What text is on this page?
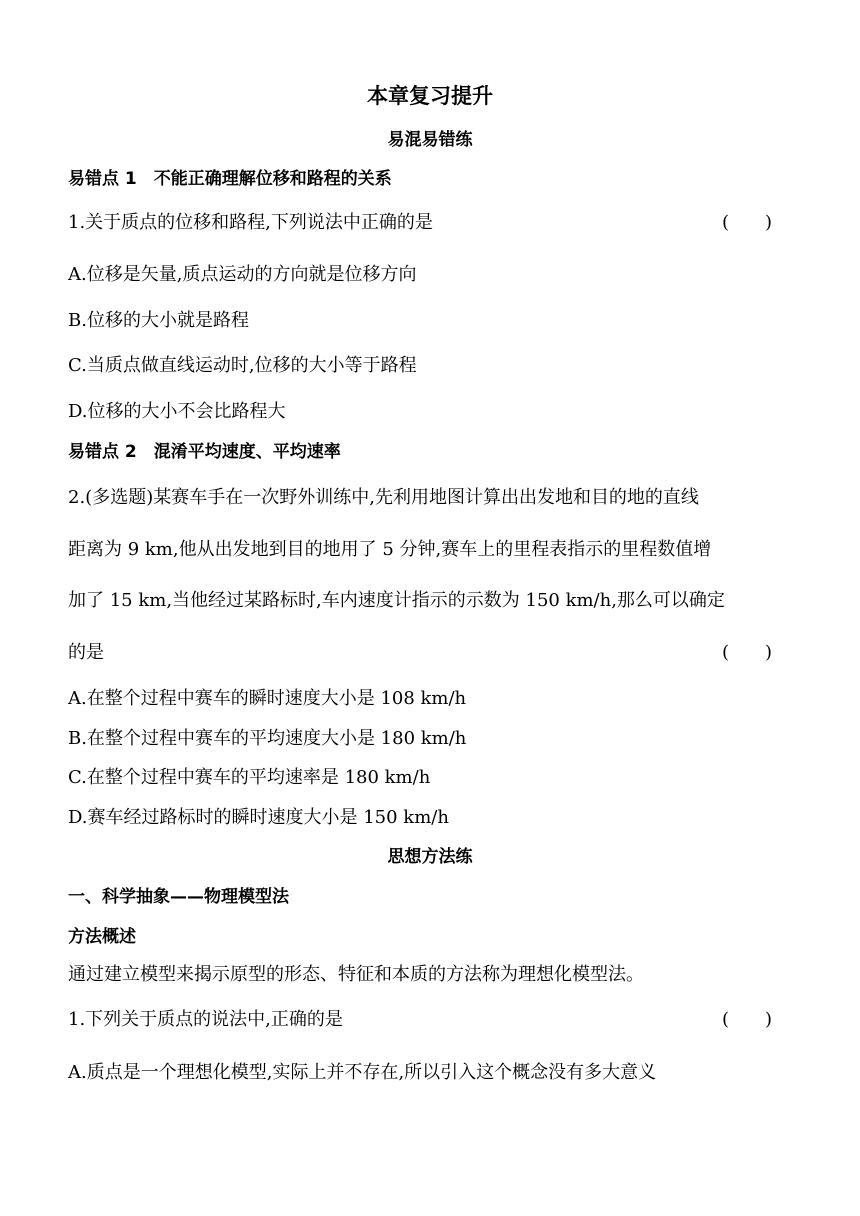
本章复习提升
易混易错练
易错点 1　不能正确理解位移和路程的关系
1.关于质点的位移和路程,下列说法中正确的是	(　　)
A.位移是矢量,质点运动的方向就是位移方向
B.位移的大小就是路程
C.当质点做直线运动时,位移的大小等于路程
D.位移的大小不会比路程大
易错点 2　混淆平均速度、平均速率
2.(多选题)某赛车手在一次野外训练中,先利用地图计算出出发地和目的地的直线
距离为 9 km,他从出发地到目的地用了 5 分钟,赛车上的里程表指示的里程数值增
加了 15 km,当他经过某路标时,车内速度计指示的示数为 150 km/h,那么可以确定
的是	(　　)
A.在整个过程中赛车的瞬时速度大小是 108 km/h
B.在整个过程中赛车的平均速度大小是 180 km/h
C.在整个过程中赛车的平均速率是 180 km/h
D.赛车经过路标时的瞬时速度大小是 150 km/h
思想方法练
一、科学抽象——物理模型法
方法概述
通过建立模型来揭示原型的形态、特征和本质的方法称为理想化模型法。
1.下列关于质点的说法中,正确的是	(　　)
A.质点是一个理想化模型,实际上并不存在,所以引入这个概念没有多大意义
